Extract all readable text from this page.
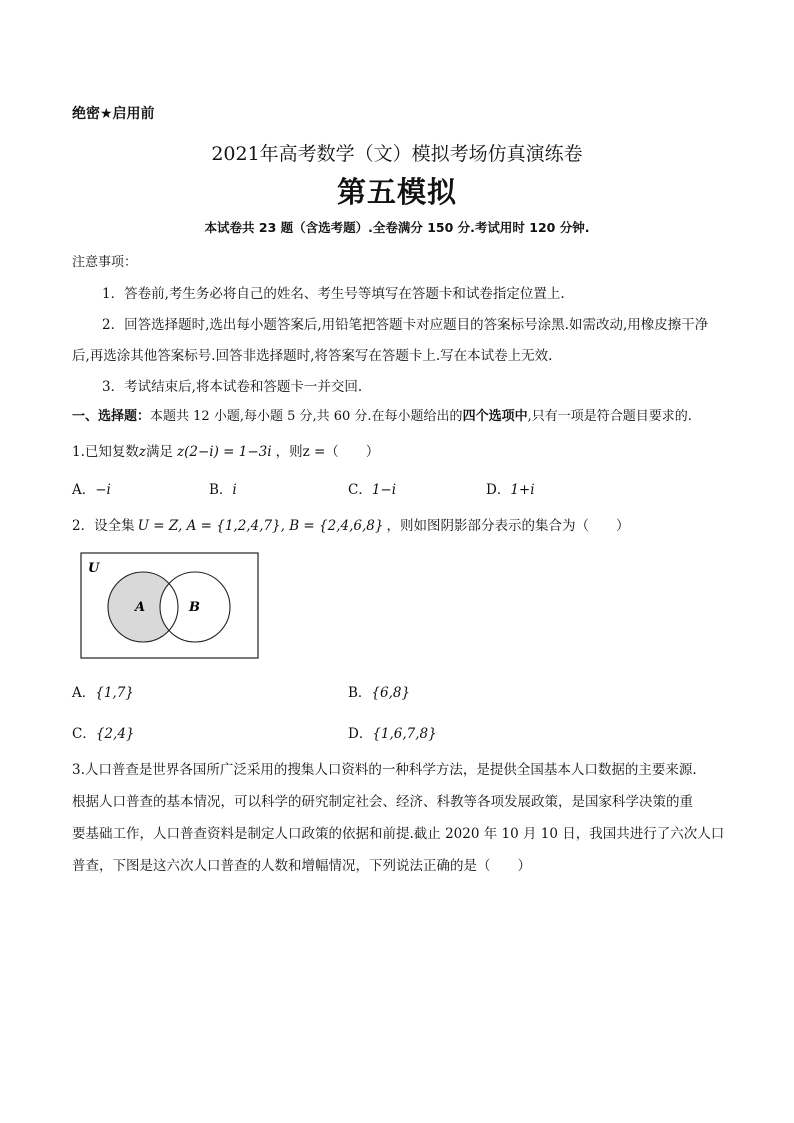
绝密★启用前
2021年高考数学（文）模拟考场仿真演练卷
第五模拟
本试卷共 23 题（含选考题）.全卷满分 150 分.考试用时 120 分钟.
注意事项：
1．答卷前,考生务必将自己的姓名、考生号等填写在答题卡和试卷指定位置上.
2．回答选择题时,选出每小题答案后,用铅笔把答题卡对应题目的答案标号涂黑.如需改动,用橡皮擦干净
后,再选涂其他答案标号.回答非选择题时,将答案写在答题卡上.写在本试卷上无效.
3．考试结束后,将本试卷和答题卡一并交回.
一、选择题：本题共 12 小题,每小题 5 分,共 60 分.在每小题给出的四个选项中,只有一项是符合题目要求的.
1.已知复数z满足 z(2−i) = 1−3i ，则z =（　　）
A．−i	B．i	C．1−i	D．1+i
2．设全集 U = Z, A = {1,2,4,7}, B = {2,4,6,8} ，则如图阴影部分表示的集合为（　　）
U
A	B
A．{1,7}	B．{6,8}
C．{2,4}	D．{1,6,7,8}
3.人口普查是世界各国所广泛采用的搜集人口资料的一种科学方法，是提供全国基本人口数据的主要来源.
根据人口普查的基本情况，可以科学的研究制定社会、经济、科教等各项发展政策，是国家科学决策的重
要基础工作，人口普查资料是制定人口政策的依据和前提.截止 2020 年 10 月 10 日，我国共进行了六次人口
普查，下图是这六次人口普查的人数和增幅情况，下列说法正确的是（　　）
